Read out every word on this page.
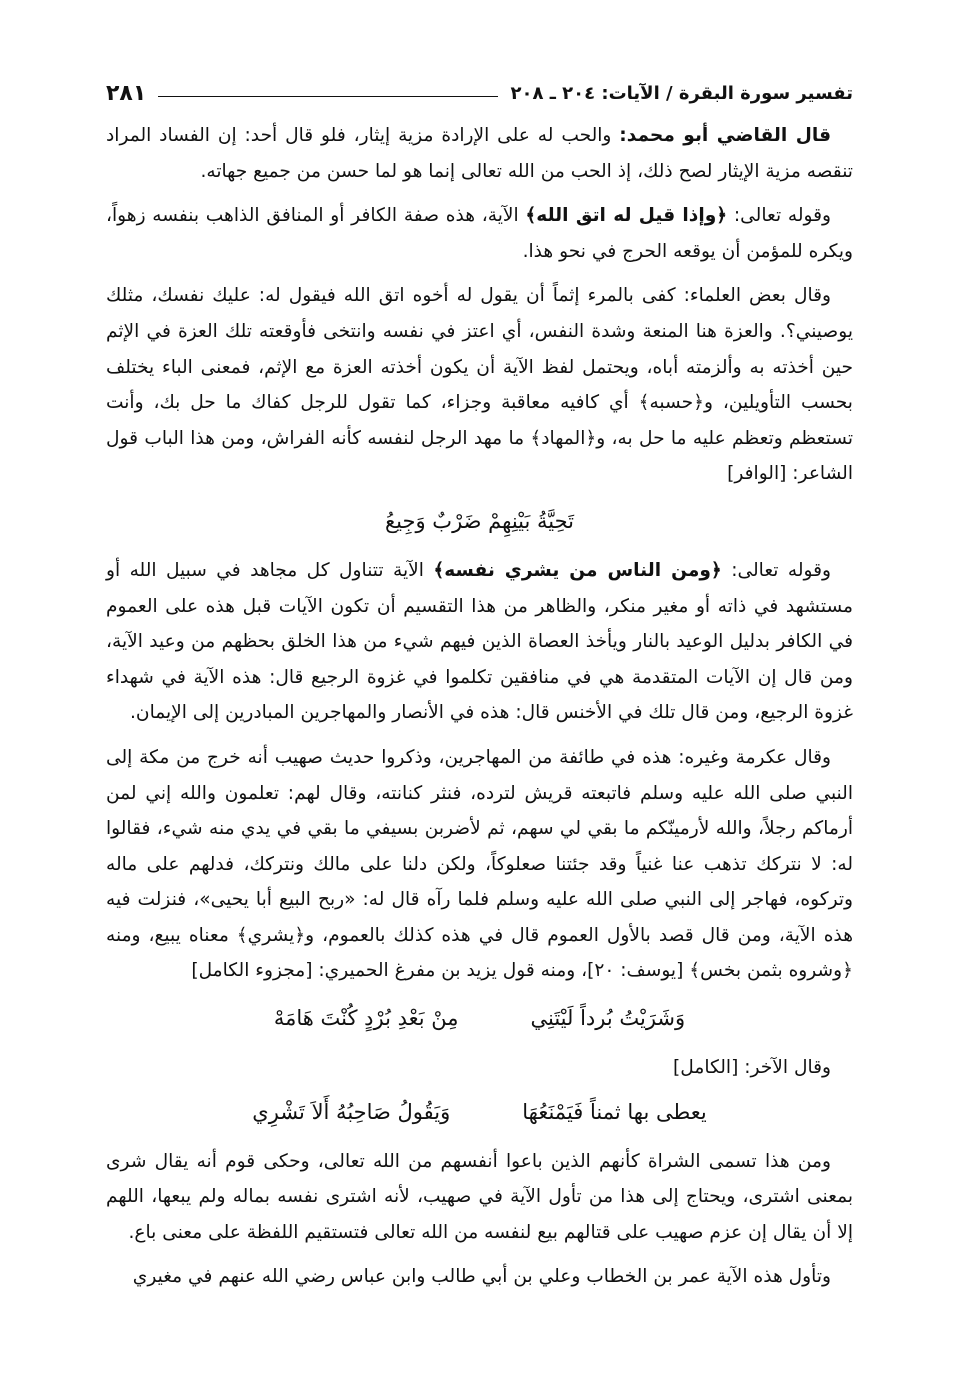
تفسير سورة البقرة / الآيات: ٢٠٤ ـ ٢٠٨
٢٨١

قال القاضي أبو محمد: والحب له على الإرادة مزية إيثار، فلو قال أحد: إن الفساد المراد تنقصه مزية الإيثار لصح ذلك، إذ الحب من الله تعالى إنما هو لما حسن من جميع جهاته.

وقوله تعالى: ﴿وإذا قيل له اتق الله﴾ الآية، هذه صفة الكافر أو المنافق الذاهب بنفسه زهواً، ويكره للمؤمن أن يوقعه الحرج في نحو هذا.

وقال بعض العلماء: كفى بالمرء إثماً أن يقول له أخوه اتق الله فيقول له: عليك نفسك، مثلك يوصيني؟. والعزة هنا المنعة وشدة النفس، أي اعتز في نفسه وانتخى فأوقعته تلك العزة في الإثم حين أخذته به وألزمته أباه، ويحتمل لفظ الآية أن يكون أخذته العزة مع الإثم، فمعنى الباء يختلف بحسب التأويلين، و﴿حسبه﴾ أي كافيه معاقبة وجزاء، كما تقول للرجل كفاك ما حل بك، وأنت تستعظم وتعظم عليه ما حل به، و﴿المهاد﴾ ما مهد الرجل لنفسه كأنه الفراش، ومن هذا الباب قول الشاعر: [الوافر]

تَحِيَّةُ بَيْنِهِمْ ضَرْبٌ وَجِيعُ

وقوله تعالى: ﴿ومن الناس من يشري نفسه﴾ الآية تتناول كل مجاهد في سبيل الله أو مستشهد في ذاته أو مغير منكر، والظاهر من هذا التقسيم أن تكون الآيات قبل هذه على العموم في الكافر بدليل الوعيد بالنار ويأخذ العصاة الذين فيهم شيء من هذا الخلق بحظهم من وعيد الآية، ومن قال إن الآيات المتقدمة هي في منافقين تكلموا في غزوة الرجيع قال: هذه الآية في شهداء غزوة الرجيع، ومن قال تلك في الأخنس قال: هذه في الأنصار والمهاجرين المبادرين إلى الإيمان.

وقال عكرمة وغيره: هذه في طائفة من المهاجرين، وذكروا حديث صهيب أنه خرج من مكة إلى النبي صلى الله عليه وسلم فاتبعته قريش لترده، فنثر كنانته، وقال لهم: تعلمون والله إني لمن أرماكم رجلاً، والله لأرمينّكم ما بقي لي سهم، ثم لأضربن بسيفي ما بقي في يدي منه شيء، فقالوا له: لا نتركك تذهب عنا غنياً وقد جئتنا صعلوكاً، ولكن دلنا على مالك ونتركك، فدلهم على ماله وتركوه، فهاجر إلى النبي صلى الله عليه وسلم فلما رآه قال له: «ربح البيع أبا يحيى»، فنزلت فيه هذه الآية، ومن قال قصد بالأول العموم قال في هذه كذلك بالعموم، و﴿يشري﴾ معناه يبيع، ومنه ﴿وشروه بثمن بخس﴾ [يوسف: ٢٠]، ومنه قول يزيد بن مفرغ الحميري: [مجزوء الكامل]

وَشَرَيْتُ بُرداً لَيْتَنِي
مِنْ بَعْدِ بُرْدٍ كُنْتَ هَامَهْ
وقال الآخر: [الكامل]
يعطى بها ثمناً فَيَمْنَعُهَا
وَيَقُولُ صَاحِبُهُ أَلاَ تَشْرِي

ومن هذا تسمى الشراة كأنهم الذين باعوا أنفسهم من الله تعالى، وحكى قوم أنه يقال شرى بمعنى اشترى، ويحتاج إلى هذا من تأول الآية في صهيب، لأنه اشترى نفسه بماله ولم يبعها، اللهم إلا أن يقال إن عزم صهيب على قتالهم بيع لنفسه من الله تعالى فتستقيم اللفظة على معنى باع.

وتأول هذه الآية عمر بن الخطاب وعلي بن أبي طالب وابن عباس رضي الله عنهم في مغيري
